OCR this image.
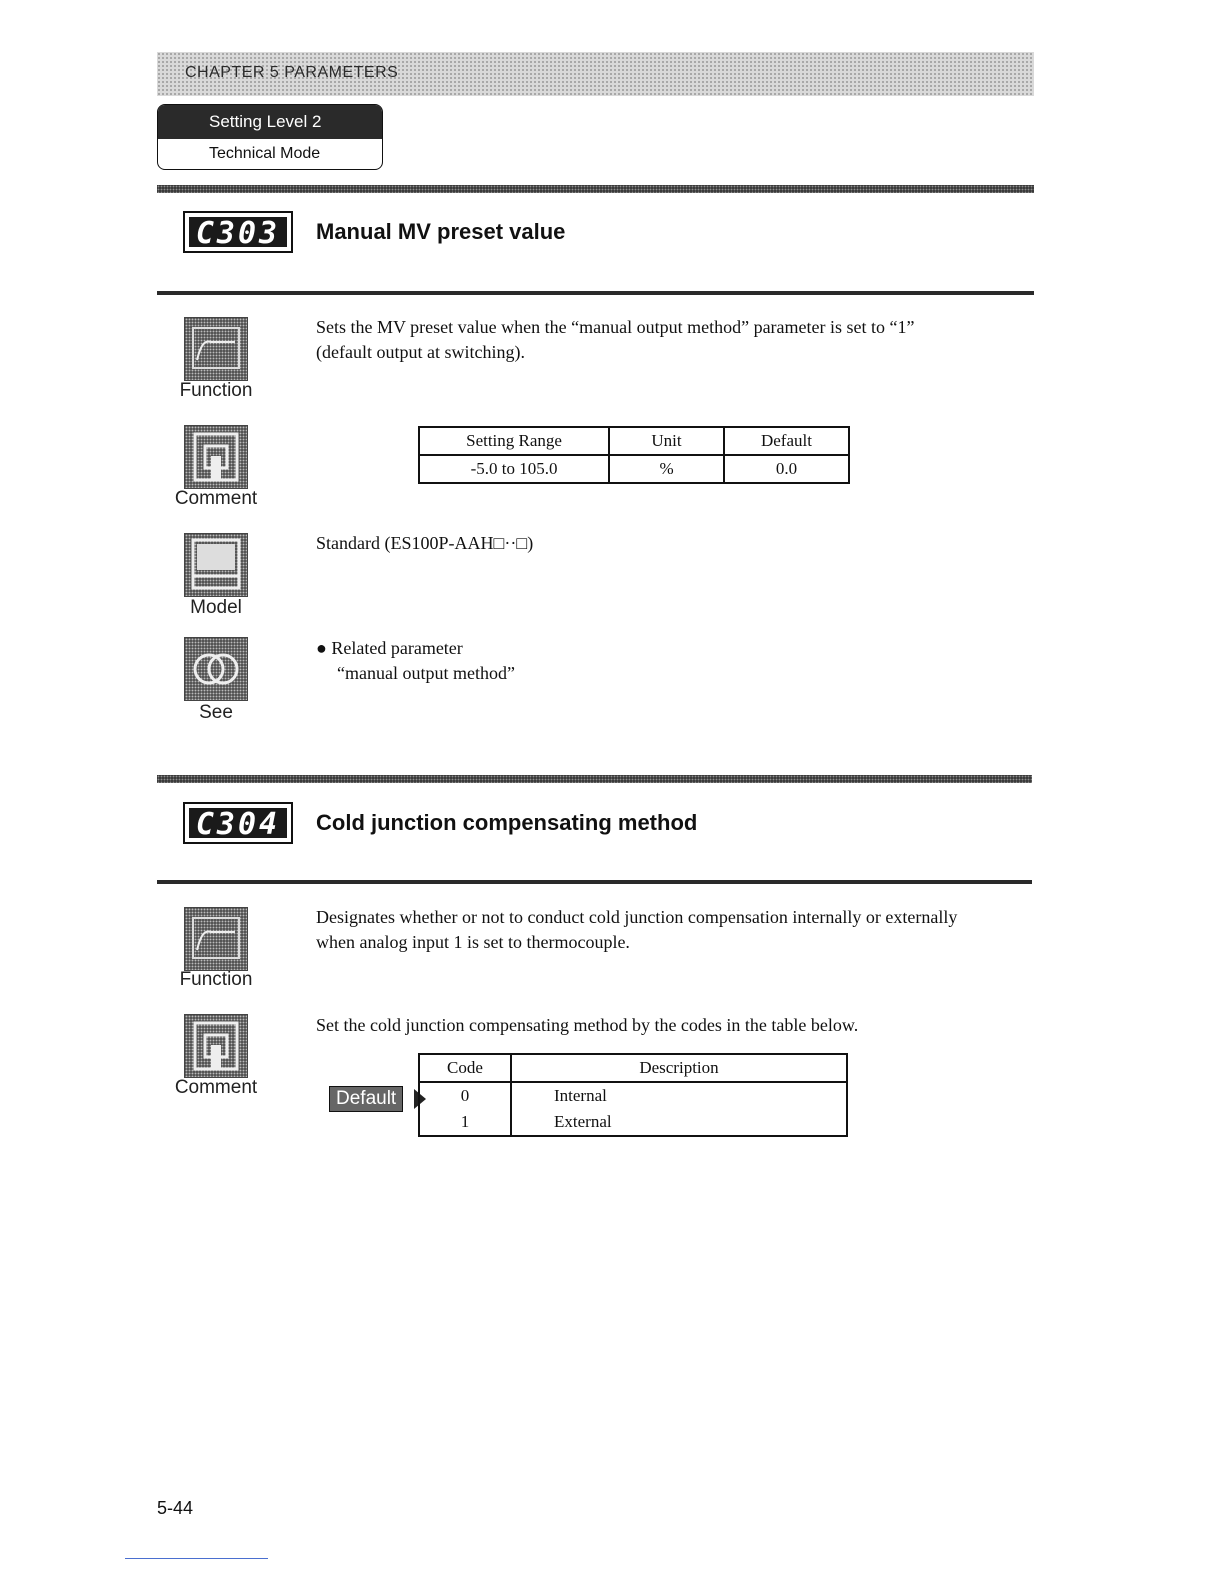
CHAPTER 5 PARAMETERS
Setting Level 2
Technical Mode
C303	Manual MV preset value
Function
Sets the MV preset value when the “manual output method” parameter is set to “1”
(default output at switching).
Comment
Setting Range	Unit	Default
-5.0 to 105.0	%	0.0
Model
Standard (ES100P-AAH□··□)
See
● Related parameter
“manual output method”
C304	Cold junction compensating method
Function
Designates whether or not to conduct cold junction compensation internally or externally
when analog input 1 is set to thermocouple.
Comment
Set the cold junction compensating method by the codes in the table below.
Default
Code	Description
0	Internal
1	External
5-44
